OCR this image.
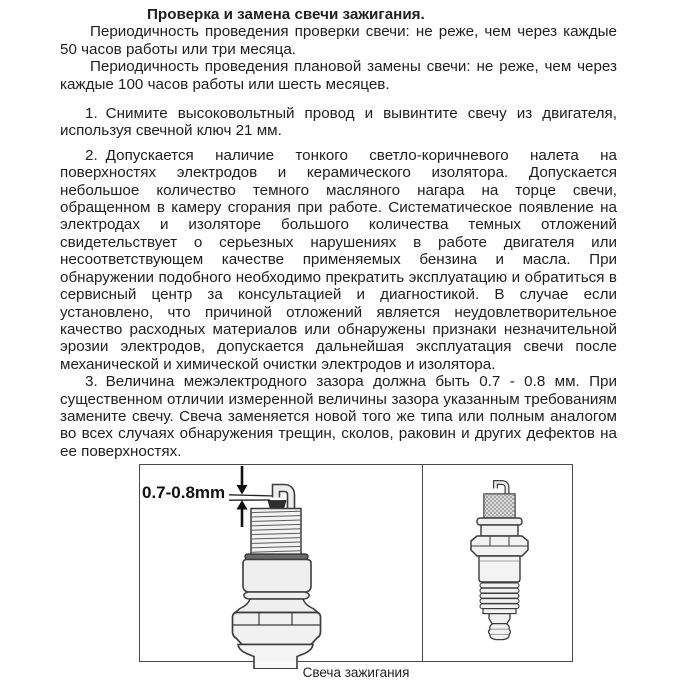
Проверка и замена свечи зажигания.

Периодичность проведения проверки свечи: не реже, чем через каждые 50 часов работы или три месяца.

Периодичность проведения плановой замены свечи: не реже, чем через каждые 100 часов работы или шесть месяцев.

1. Снимите высоковольтный провод и вывинтите свечу из двигателя, используя свечной ключ 21 мм.

2. Допускается наличие тонкого светло-коричневого налета на поверхностях электродов и керамического изолятора. Допускается небольшое количество темного масляного нагара на торце свечи, обращенном в камеру сгорания при работе. Систематическое появление на электродах и изоляторе большого количества темных отложений свидетельствует о серьезных нарушениях в работе двигателя или несоответствующем качестве применяемых бензина и масла. При обнаружении подобного необходимо прекратить эксплуатацию и обратиться в сервисный центр за консультацией и диагностикой. В случае если установлено, что причиной отложений является неудовлетворительное качество расходных материалов или обнаружены признаки незначительной эрозии электродов, допускается дальнейшая эксплуатация свечи после механической и химической очистки электродов и изолятора.

3. Величина межэлектродного зазора должна быть 0.7 - 0.8 мм. При существенном отличии измеренной величины зазора указанным требованиям замените свечу. Свеча заменяется новой того же типа или полным аналогом во всех случаях обнаружения трещин, сколов, раковин и других дефектов на ее поверхностях.

0.7-0.8mm
Свеча зажигания
